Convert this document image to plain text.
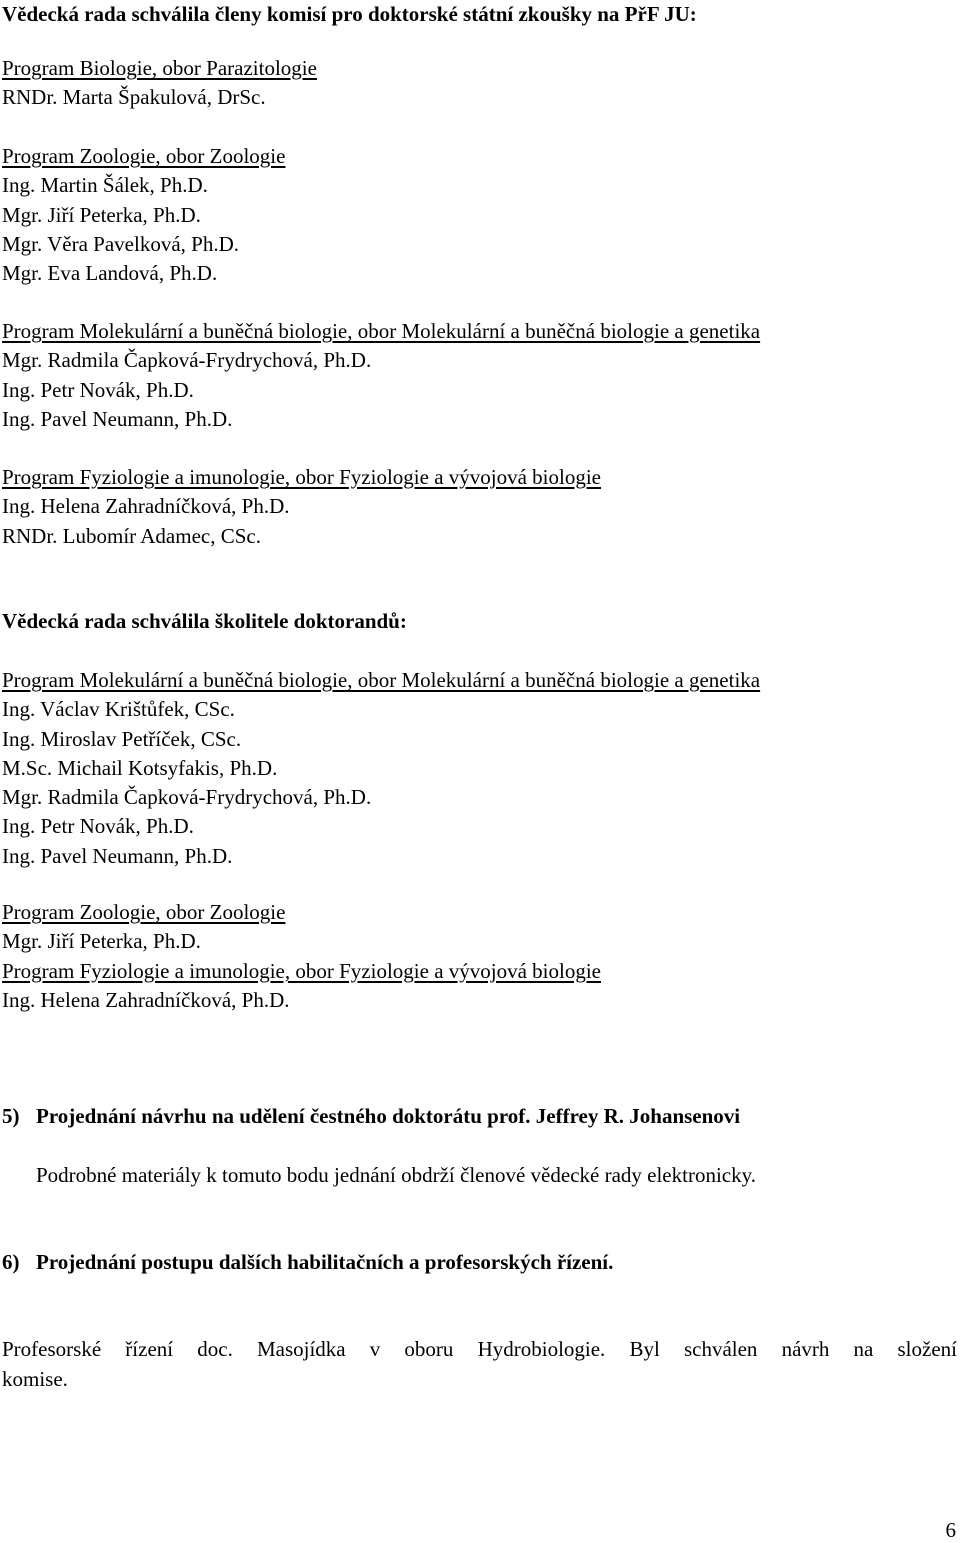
Vědecká rada schválila členy komisí pro doktorské státní zkoušky na PřF JU:
Program Biologie, obor Parazitologie
RNDr. Marta Špakulová, DrSc.
Program Zoologie, obor Zoologie
Ing. Martin Šálek, Ph.D.
Mgr. Jiří Peterka, Ph.D.
Mgr. Věra Pavelková, Ph.D.
Mgr. Eva Landová, Ph.D.
Program Molekulární a buněčná biologie, obor Molekulární a buněčná biologie a genetika
Mgr. Radmila Čapková-Frydrychová, Ph.D.
Ing. Petr Novák, Ph.D.
Ing. Pavel Neumann, Ph.D.
Program Fyziologie a imunologie, obor Fyziologie a vývojová biologie
Ing. Helena Zahradníčková, Ph.D.
RNDr. Lubomír Adamec, CSc.
Vědecká rada schválila školitele doktorandů:
Program Molekulární a buněčná biologie, obor Molekulární a buněčná biologie a genetika
Ing. Václav Krištůfek, CSc.
Ing. Miroslav Petříček, CSc.
M.Sc. Michail Kotsyfakis, Ph.D.
Mgr. Radmila Čapková-Frydrychová, Ph.D.
Ing. Petr Novák, Ph.D.
Ing. Pavel Neumann, Ph.D.
Program Zoologie, obor Zoologie
Mgr. Jiří Peterka, Ph.D.
Program Fyziologie a imunologie, obor Fyziologie a vývojová biologie
Ing. Helena Zahradníčková, Ph.D.
5) Projednání návrhu na udělení čestného doktorátu prof. Jeffrey R. Johansenovi
Podrobné materiály k tomuto bodu jednání obdrží členové vědecké rady elektronicky.
6) Projednání postupu dalších habilitačních a profesorských řízení.
Profesorské řízení doc. Masojídka v oboru Hydrobiologie. Byl schválen návrh na složení
komise.
6
